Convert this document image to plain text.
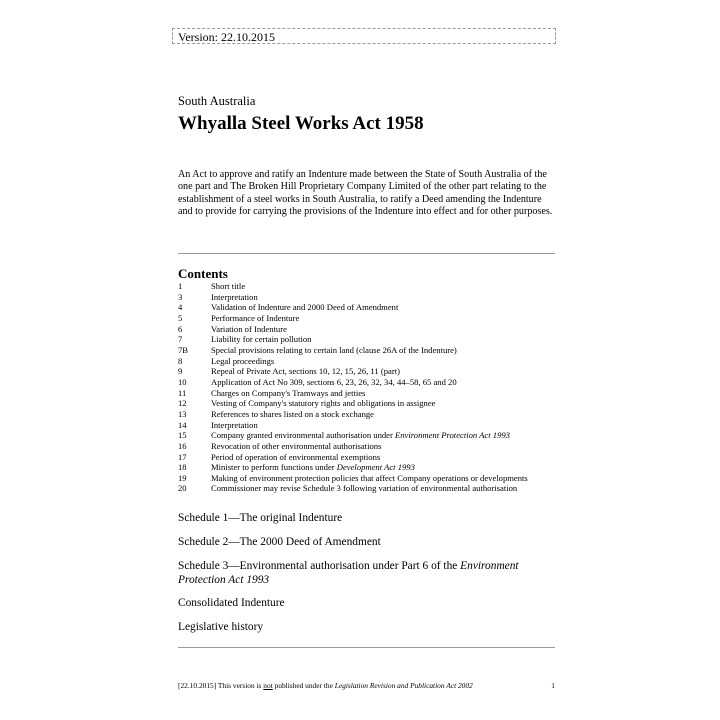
Version: 22.10.2015
South Australia
Whyalla Steel Works Act 1958

An Act to approve and ratify an Indenture made between the State of South Australia of the one part and The Broken Hill Proprietary Company Limited of the other part relating to the establishment of a steel works in South Australia, to ratify a Deed amending the Indenture and to provide for carrying the provisions of the Indenture into effect and for other purposes.

Contents
1	Short title
3	Interpretation
4	Validation of Indenture and 2000 Deed of Amendment
5	Performance of Indenture
6	Variation of Indenture
7	Liability for certain pollution
7B	Special provisions relating to certain land (clause 26A of the Indenture)
8	Legal proceedings
9	Repeal of Private Act, sections 10, 12, 15, 26, 11 (part)
10	Application of Act No 309, sections 6, 23, 26, 32, 34, 44–58, 65 and 20
11	Charges on Company's Tramways and jetties
12	Vesting of Company's statutory rights and obligations in assignee
13	References to shares listed on a stock exchange
14	Interpretation
15	Company granted environmental authorisation under Environment Protection Act 1993
16	Revocation of other environmental authorisations
17	Period of operation of environmental exemptions
18	Minister to perform functions under Development Act 1993
19	Making of environment protection policies that affect Company operations or developments
20	Commissioner may revise Schedule 3 following variation of environmental authorisation
Schedule 1—The original Indenture
Schedule 2—The 2000 Deed of Amendment
Schedule 3—Environmental authorisation under Part 6 of the Environment Protection Act 1993
Consolidated Indenture
Legislative history
[22.10.2015] This version is not published under the Legislation Revision and Publication Act 2002	1
